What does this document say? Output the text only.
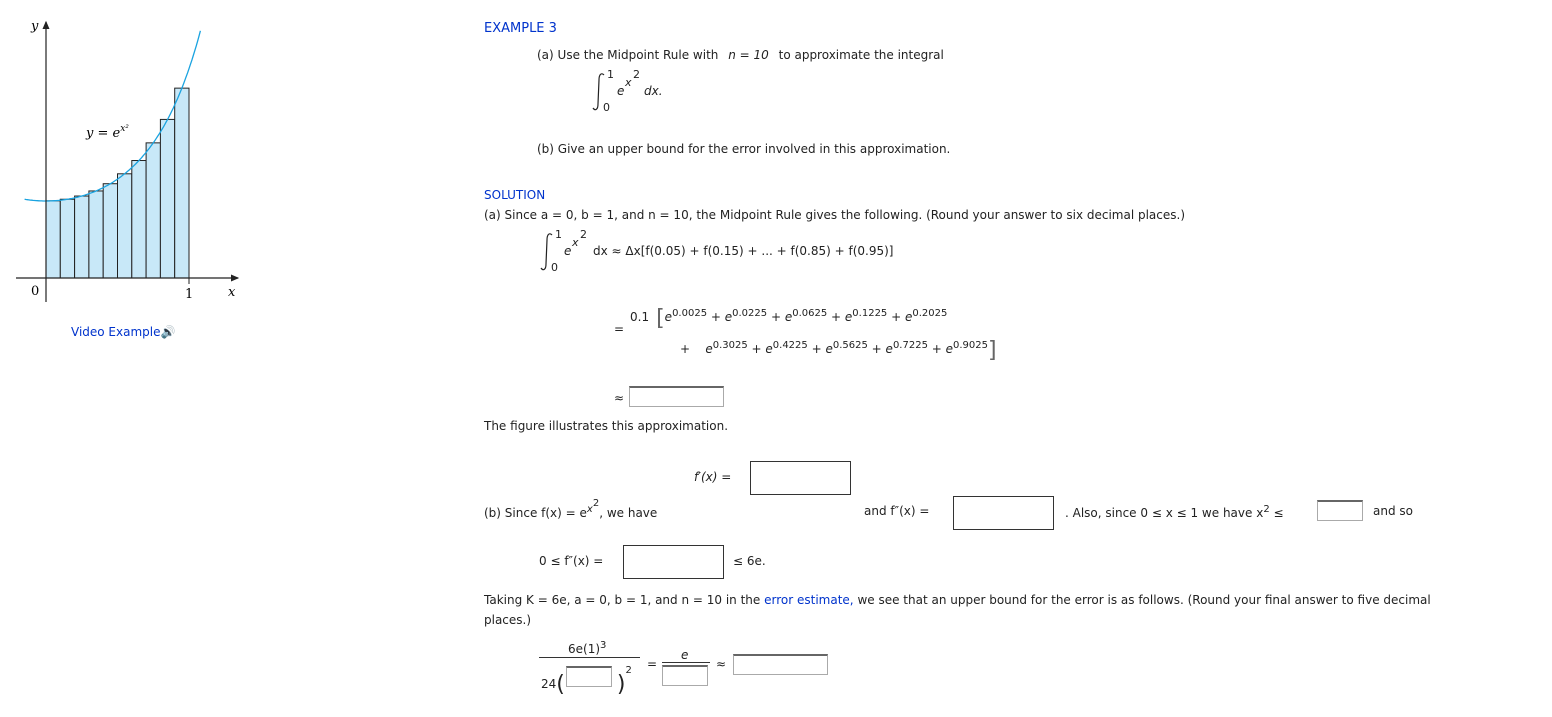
y
x
0	1
$y = e^{x^2}$
Video Example🔊
EXAMPLE 3
(a) Use the Midpoint Rule with n = 10 to approximate the integral
1
0
e
x
2
dx.
(b) Give an upper bound for the error involved in this approximation.
SOLUTION
(a) Since a = 0, b = 1, and n = 10, the Midpoint Rule gives the following. (Round your answer to six decimal places.)
1
0
e
x
2
dx ≈ Δx[f(0.05) + f(0.15) + ... + f(0.85) + f(0.95)]
=
0.1 [$e^{0.0025} + e^{0.0225} + e^{0.0625} + e^{0.1225} + e^{0.2025}$
+    $e^{0.3025} + e^{0.4225} + e^{0.5625} + e^{0.7225} + e^{0.9025}$]
≈
The figure illustrates this approximation.
f′(x) =
(b) Since $f(x) = e^{x2}$, we have	and f″(x) =	. Also, since 0 ≤ x ≤ 1 we have $x^2$ ≤	and so
0 ≤ f″(x) =	≤ 6e.
Taking K = 6e, a = 0, b = 1, and n = 10 in the error estimate, we see that an upper bound for the error is as follows. (Round your final answer to five decimal
places.)
$6e(1)^3$
24( )$^2$ =
e
≈
